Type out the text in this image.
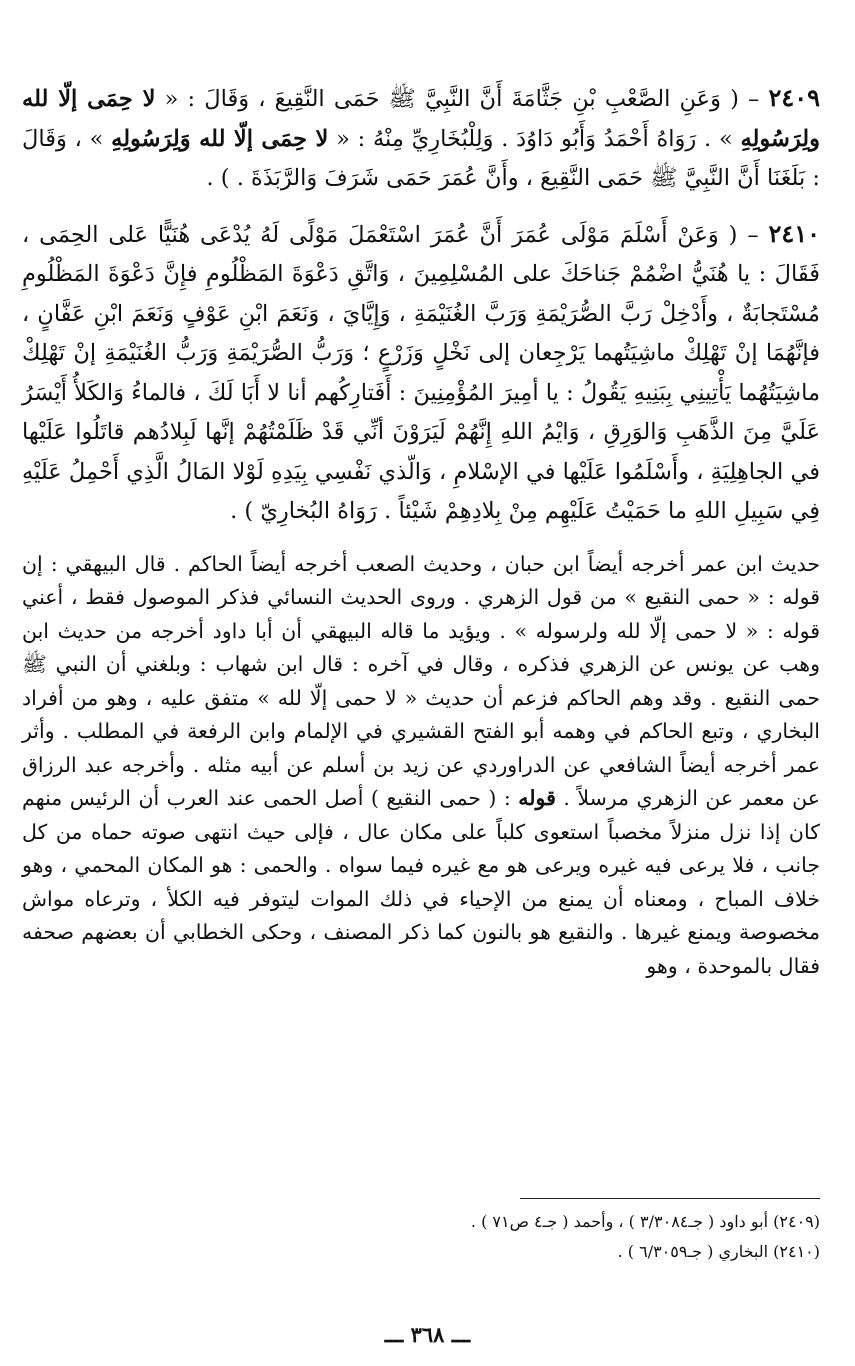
٢٤٠٩ – ( وَعَنِ الصَّعْبِ بْنِ جَثَّامَةَ أَنَّ النَّبِيَّ ﷺ حَمَى النَّقِيعَ ، وَقَالَ : « لا حِمَى إلّا لله ولِرَسُولِهِ » . رَوَاهُ أَحْمَدُ وَأَبُو دَاوُدَ . وَلِلْبُخَارِيِّ مِنْهُ : « لا حِمَى إلّا لله وَلِرَسُولِهِ » ، وَقَالَ : بَلَغَنَا أَنَّ النَّبِيَّ ﷺ حَمَى النَّقِيعَ ، وأَنَّ عُمَرَ حَمَى شَرَفَ وَالرَّبَذَةَ . ) .

٢٤١٠ – ( وَعَنْ أَسْلَمَ مَوْلَى عُمَرَ أَنَّ عُمَرَ اسْتَعْمَلَ مَوْلًى لَهُ يُدْعَى هُنَيًّا عَلى الحِمَى ، فَقَالَ : يا هُنَيُّ اضْمُمْ جَناحَكَ على المُسْلِمِينَ ، وَاتَّقِ دَعْوَةَ المَظْلُومِ فإِنَّ دَعْوَةَ المَظْلُومِ مُسْتَجابَةٌ ، وأَدْخِلْ رَبَّ الصُّرَيْمَةِ وَرَبَّ الغُنَيْمَةِ ، وَإِيَّايَ ، وَنَعَمَ ابْنِ عَوْفٍ وَنَعَمَ ابْنِ عَفَّانٍ ، فإنَّهُمَا إنْ تَهْلِكْ ماشِيَتُهما يَرْجِعان إلى نَخْلٍ وَزَرْعٍ ؛ وَرَبُّ الصُّرَيْمَةِ وَرَبُّ الغُنَيْمَةِ إنْ تَهْلِكْ ماشِيَتُهُما يَأْتِينِي بِبَنِيهِ يَقُولُ : يا أمِيرَ المُؤْمِنِينَ : أَفَتارِكُهم أنا لا أَبَا لَكَ ، فالماءُ وَالكَلأُ أَيْسَرُ عَلَيَّ مِنَ الذَّهَبِ وَالوَرِقِ ، وَايْمُ اللهِ إِنَّهُمْ لَيَرَوْنَ أنِّي قَدْ ظَلَمْتُهُمْ إنَّها لَبِلادُهم قاتَلُوا عَلَيْها في الجاهِلِيَةِ ، وأَسْلَمُوا عَلَيْها في الإسْلامِ ، وَالّذي نَفْسِي بِيَدِهِ لَوْلا المَالُ الَّذِي أَحْمِلُ عَلَيْهِ فِي سَبِيلِ اللهِ ما حَمَيْتُ عَلَيْهِم مِنْ بِلادِهِمْ شَيْئاً . رَوَاهُ البُخارِيّ ) .

حديث ابن عمر أخرجه أيضاً ابن حبان ، وحديث الصعب أخرجه أيضاً الحاكم . قال البيهقي : إن قوله : « حمى النقيع » من قول الزهري . وروى الحديث النسائي فذكر الموصول فقط ، أعني قوله : « لا حمى إلّا لله ولرسوله » . ويؤيد ما قاله البيهقي أن أبا داود أخرجه من حديث ابن وهب عن يونس عن الزهري فذكره ، وقال في آخره : قال ابن شهاب : وبلغني أن النبي ﷺ حمى النقيع . وقد وهم الحاكم فزعم أن حديث « لا حمى إلّا لله » متفق عليه ، وهو من أفراد البخاري ، وتبع الحاكم في وهمه أبو الفتح القشيري في الإلمام وابن الرفعة في المطلب . وأثر عمر أخرجه أيضاً الشافعي عن الدراوردي عن زيد بن أسلم عن أبيه مثله . وأخرجه عبد الرزاق عن معمر عن الزهري مرسلاً . قوله : ( حمى النقيع ) أصل الحمى عند العرب أن الرئيس منهم كان إذا نزل منزلاً مخصباً استعوى كلباً على مكان عال ، فإلى حيث انتهى صوته حماه من كل جانب ، فلا يرعى فيه غيره ويرعى هو مع غيره فيما سواه . والحمى : هو المكان المحمي ، وهو خلاف المباح ، ومعناه أن يمنع من الإحياء في ذلك الموات ليتوفر فيه الكلأ ، وترعاه مواش مخصوصة ويمنع غيرها . والنقيع هو بالنون كما ذكر المصنف ، وحكى الخطابي أن بعضهم صحفه فقال بالموحدة ، وهو

(٢٤٠٩) أبو داود ( جـ٣/٣٠٨٤ ) ، وأحمد ( جـ٤ ص٧١ ) .

(٢٤١٠) البخاري ( جـ٦/٣٠٥٩ ) .

ـــ ٣٦٨ ـــ
